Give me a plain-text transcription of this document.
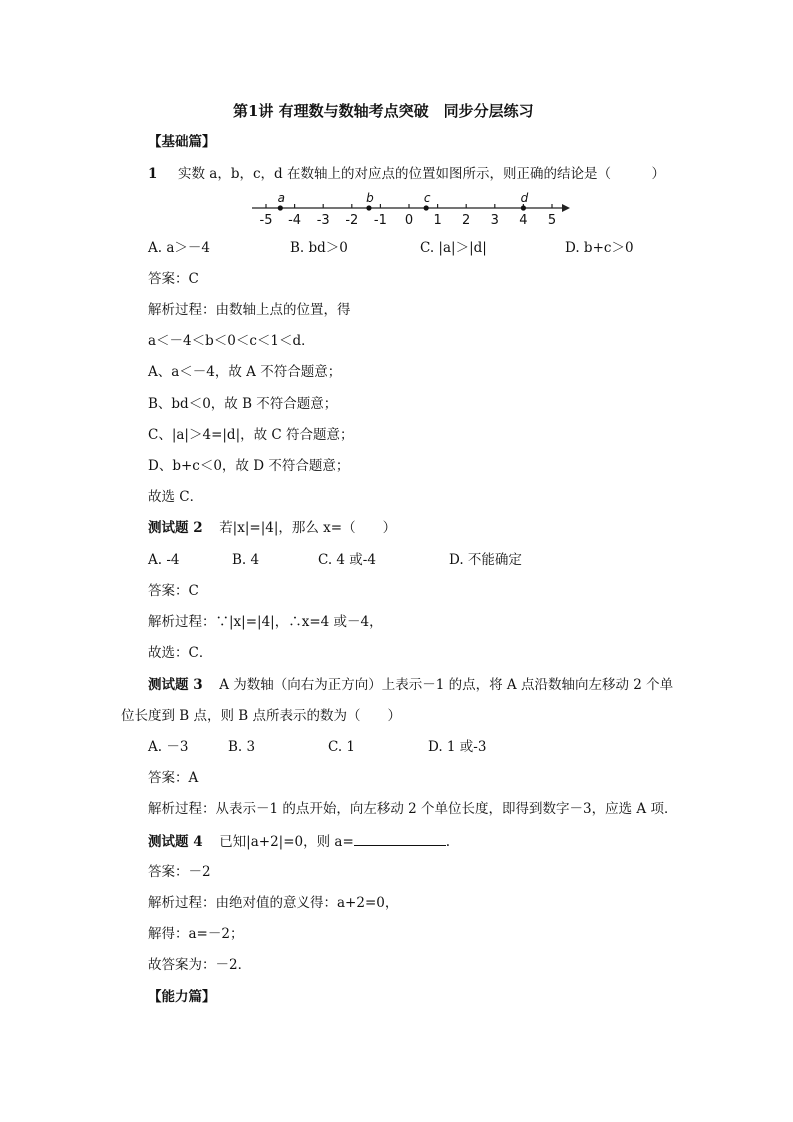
第1讲 有理数与数轴考点突破　同步分层练习
【基础篇】
1 实数 a，b，c，d 在数轴上的对应点的位置如图所示，则正确的结论是（　　　）
-5 -4 -3 -2 -1 0 1 2 3 4 5
a	b	c	d
A. a＞－4	B. bd＞0	C. |a|＞|d|	D. b+c＞0
答案：C
解析过程：由数轴上点的位置，得
a＜－4＜b＜0＜c＜1＜d．
A、a＜－4，故 A 不符合题意；
B、bd＜0，故 B 不符合题意；
C、|a|＞4=|d|，故 C 符合题意；
D、b+c＜0，故 D 不符合题意；
故选 C．
测试题 2 若|x|=|4|，那么 x=（　　）
A. -4	B. 4	C. 4 或-4	D. 不能确定
答案：C
解析过程：∵|x|=|4|，∴x=4 或－4，
故选：C．
测试题 3 A 为数轴（向右为正方向）上表示－1 的点，将 A 点沿数轴向左移动 2 个单
位长度到 B 点，则 B 点所表示的数为（　　）
A. －3	B. 3	C. 1	D. 1 或-3
答案：A
解析过程：从表示－1 的点开始，向左移动 2 个单位长度，即得到数字－3，应选 A 项．
测试题 4 已知|a+2|=0，则 a=	.
答案：－2
解析过程：由绝对值的意义得：a+2=0，
解得：a=－2；
故答案为：－2．
【能力篇】
